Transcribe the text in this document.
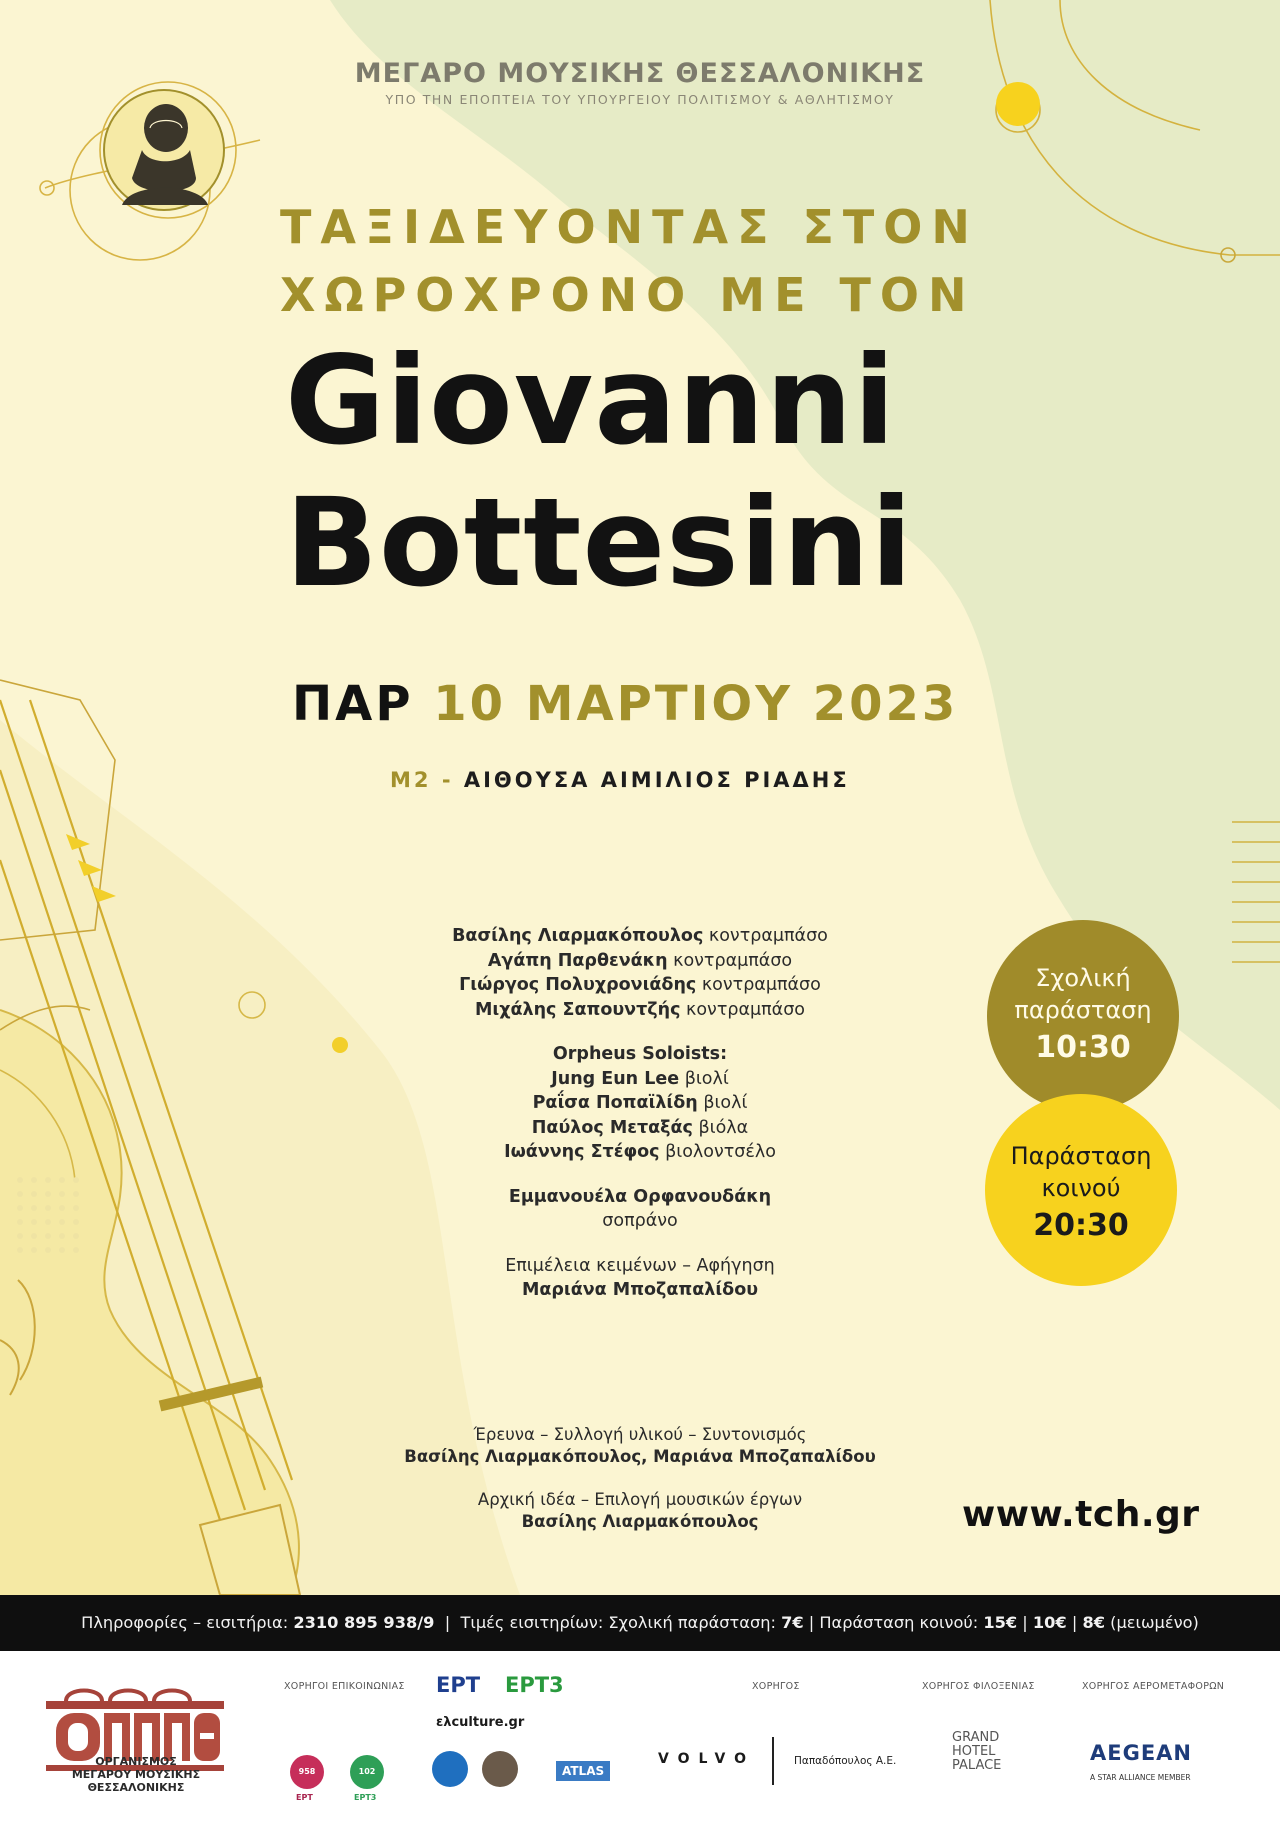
ΜΕΓΑΡΟ ΜΟΥΣΙΚΗΣ ΘΕΣΣΑΛΟΝΙΚΗΣ
ΥΠΟ ΤΗΝ ΕΠΟΠΤΕΙΑ ΤΟΥ ΥΠΟΥΡΓΕΙΟΥ ΠΟΛΙΤΙΣΜΟΥ & ΑΘΛΗΤΙΣΜΟΥ
ΤΑΞΙΔΕΥΟΝΤΑΣ ΣΤΟΝ
ΧΩΡΟΧΡΟΝΟ ΜΕ ΤΟΝ
Giovanni
Bottesini
ΠΑΡ 10 ΜΑΡΤΙΟΥ 2023
Μ2 - ΑΙΘΟΥΣΑ ΑΙΜΙΛΙΟΣ ΡΙΑΔΗΣ
Βασίλης Λιαρμακόπουλος κοντραμπάσο
Αγάπη Παρθενάκη κοντραμπάσο
Γιώργος Πολυχρονιάδης κοντραμπάσο
Μιχάλης Σαπουντζής κοντραμπάσο
Orpheus Soloists:
Jung Eun Lee βιολί
Ραΐσα Ποπαϊλίδη βιολί
Παύλος Μεταξάς βιόλα
Ιωάννης Στέφος βιολοντσέλο
Εμμανουέλα Ορφανουδάκη
σοπράνο
Επιμέλεια κειμένων – Αφήγηση
Μαριάνα Μποζαπαλίδου
Σχολική
παράσταση
10:30
Παράσταση
κοινού
20:30
Έρευνα – Συλλογή υλικού – Συντονισμός
Βασίλης Λιαρμακόπουλος, Μαριάνα Μποζαπαλίδου
Αρχική ιδέα – Επιλογή μουσικών έργων
Βασίλης Λιαρμακόπουλος	www.tch.gr
Πληροφορίες – εισιτήρια: 2310 895 938/9  |  Τιμές εισιτηρίων: Σχολική παράσταση: 7€ | Παράσταση κοινού: 15€ | 10€ | 8€ (μειωμένο)
ΟΡΓΑΝΙΣΜΟΣ
ΜΕΓΑΡΟΥ ΜΟΥΣΙΚΗΣ
ΘΕΣΣΑΛΟΝΙΚΗΣ
ΧΟΡΗΓΟΙ ΕΠΙΚΟΙΝΩΝΙΑΣ ΕΡΤ ΕΡΤ3
ελculture.gr
958	102
ΕΡΤ	ΕΡΤ3
ATLAS
ΧΟΡΗΓΟΣ
VOLVO	Παπαδόπουλος Α.Ε.
ΧΟΡΗΓΟΣ ΦΙΛΟΞΕΝΙΑΣ
GRAND
HOTEL
PALACE
ΧΟΡΗΓΟΣ ΑΕΡΟΜΕΤΑΦΟΡΩΝ
AEGEAN
A STAR ALLIANCE MEMBER
